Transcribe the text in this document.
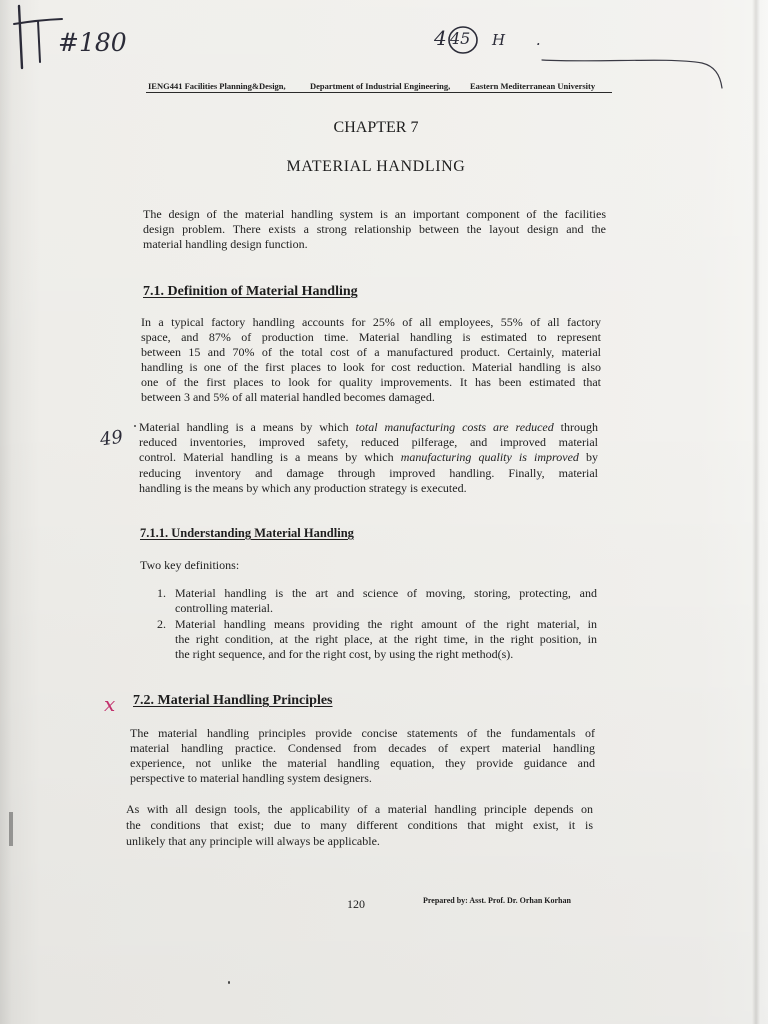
#180	4 45 H .
49
x
IENG441 Facilities Planning&Design,	Department of Industrial Engineering,	Eastern Mediterranean University
CHAPTER 7
MATERIAL HANDLING
The design of the material handling system is an important component of the facilities
design problem. There exists a strong relationship between the layout design and the
material handling design function.
7.1. Definition of Material Handling
In a typical factory handling accounts for 25% of all employees, 55% of all factory
space, and 87% of production time. Material handling is estimated to represent
between 15 and 70% of the total cost of a manufactured product. Certainly, material
handling is one of the first places to look for cost reduction. Material handling is also
one of the first places to look for quality improvements. It has been estimated that
between 3 and 5% of all material handled becomes damaged.
Material handling is a means by which total manufacturing costs are reduced through
reduced inventories, improved safety, reduced pilferage, and improved material
control. Material handling is a means by which manufacturing quality is improved by
reducing inventory and damage through improved handling. Finally, material
handling is the means by which any production strategy is executed.
7.1.1. Understanding Material Handling
Two key definitions:
1. Material handling is the art and science of moving, storing, protecting, and
controlling material.
2. Material handling means providing the right amount of the right material, in
the right condition, at the right place, at the right time, in the right position, in
the right sequence, and for the right cost, by using the right method(s).
7.2. Material Handling Principles
The material handling principles provide concise statements of the fundamentals of
material handling practice. Condensed from decades of expert material handling
experience, not unlike the material handling equation, they provide guidance and
perspective to material handling system designers.
As with all design tools, the applicability of a material handling principle depends on
the conditions that exist; due to many different conditions that might exist, it is
unlikely that any principle will always be applicable.
120	Prepared by: Asst. Prof. Dr. Orhan Korhan
